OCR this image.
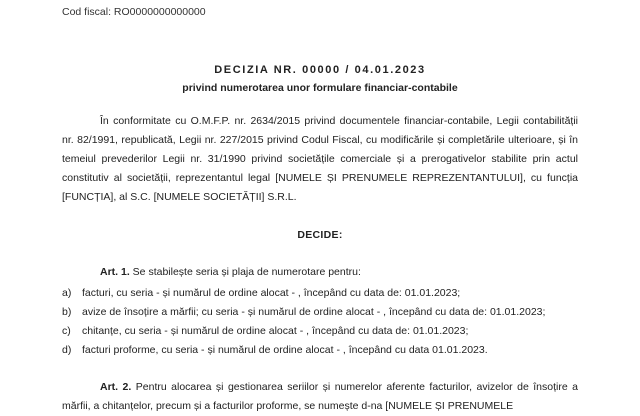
Cod fiscal: RO0000000000000
DECIZIA NR. 00000 / 04.01.2023
privind numerotarea unor formulare financiar-contabile
În conformitate cu O.M.F.P. nr. 2634/2015 privind documentele financiar-contabile, Legii contabilității nr. 82/1991, republicată, Legii nr. 227/2015 privind Codul Fiscal, cu modificările și completările ulterioare, și în temeiul prevederilor Legii nr. 31/1990 privind societățile comerciale și a prerogativelor stabilite prin actul constitutiv al societății, reprezentantul legal [NUMELE ȘI PRENUMELE REPREZENTANTULUI], cu funcția [FUNCȚIA], al S.C. [NUMELE SOCIETĂȚII] S.R.L.
DECIDE:
Art. 1. Se stabilește seria și plaja de numerotare pentru:
a) facturi, cu seria - și numărul de ordine alocat - , începând cu data de: 01.01.2023;
b) avize de însoțire a mărfii; cu seria - și numărul de ordine alocat - , începând cu data de: 01.01.2023;
c) chitanțe, cu seria - și numărul de ordine alocat - , începând cu data de: 01.01.2023;
d) facturi proforme, cu seria - și numărul de ordine alocat - , începând cu data 01.01.2023.
Art. 2. Pentru alocarea și gestionarea seriilor și numerelor aferente facturilor, avizelor de însoțire a mărfii, a chitanțelor, precum și a facturilor proforme, se numește d-na [NUMELE ȘI PRENUMELE
